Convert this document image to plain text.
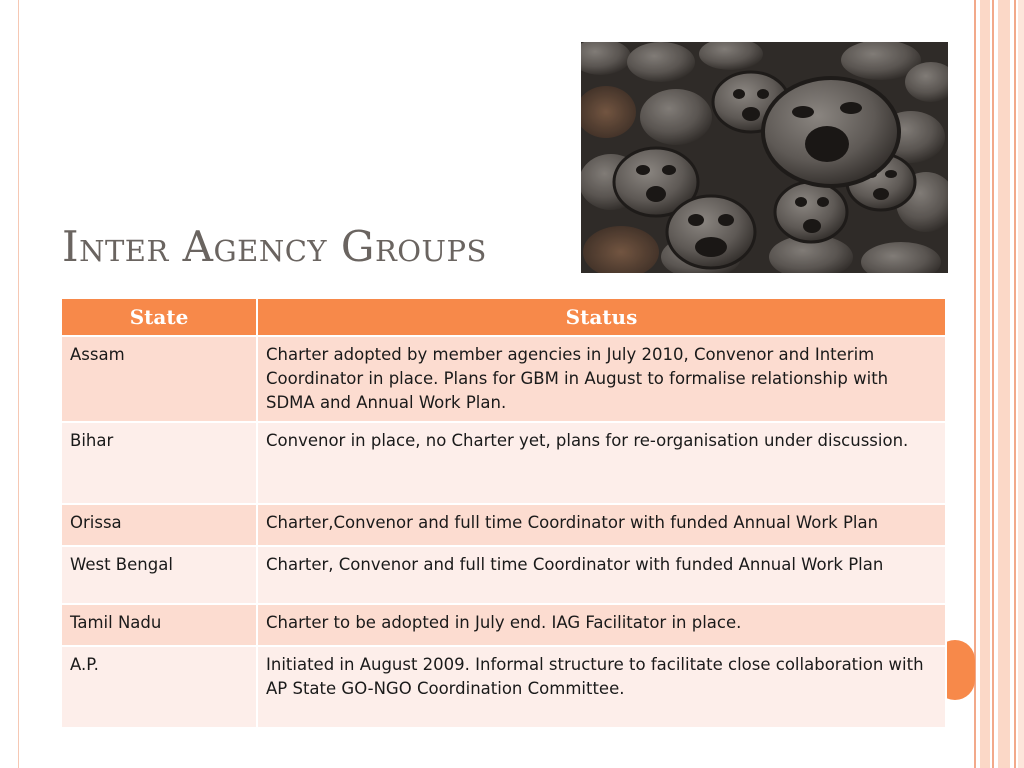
Inter Agency Groups
State	Status
Assam	Charter adopted by member agencies in July 2010, Convenor and Interim Coordinator in place. Plans for GBM in August to formalise relationship with SDMA and Annual Work Plan.
Bihar	Convenor in place, no Charter yet, plans for re-organisation under discussion.
Orissa	Charter,Convenor and full time Coordinator with funded Annual Work Plan
West Bengal	Charter, Convenor and full time Coordinator with funded Annual Work Plan
Tamil Nadu	Charter to be adopted in July end. IAG Facilitator in place.
A.P.	Initiated in August 2009. Informal structure to facilitate close collaboration with AP State GO-NGO Coordination Committee.
